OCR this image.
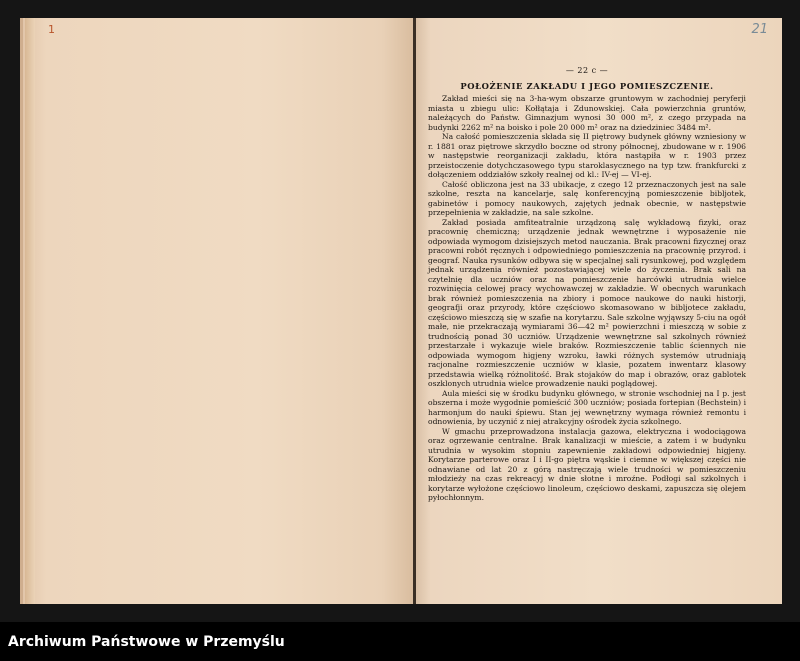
1	21
— 22 c —
POŁOŻENIE ZAKŁADU I JEGO POMIESZCZENIE.

Zakład mieści się na 3-ha-wym obszarze gruntowym w zachodniej peryferji miasta u zbiegu ulic: Kołłątaja i Zdunowskiej. Cała powierzchnia gruntów, należących do Państw. Gimnazjum wynosi 30 000 m², z czego przypada na budynki 2262 m² na boisko i pole 20 000 m² oraz na dziedziniec 3484 m².

Na całość pomieszczenia składa się II piętrowy budynek główny wzniesiony w r. 1881 oraz piętrowe skrzydło boczne od strony północnej, zbudowane w r. 1906 w następstwie reorganizacji zakładu, która nastąpiła w r. 1903 przez przeistoczenie dotychczasowego typu staroklasycznego na typ tzw. frankfurcki z dołączeniem oddziałów szkoły realnej od kl.: IV-ej — VI-ej.

Całość obliczona jest na 33 ubikacje, z czego 12 przeznaczonych jest na sale szkolne, reszta na kancelarje, salę konferencyjną pomieszczenie bibljotek, gabinetów i pomocy naukowych, zajętych jednak obecnie, w następstwie przepełnienia w zakładzie, na sale szkolne.

Zakład posiada amfiteatralnie urządzoną salę wykładową fizyki, oraz pracownię chemiczną; urządzenie jednak wewnętrzne i wyposażenie nie odpowiada wymogom dzisiejszych metod nauczania. Brak pracowni fizycznej oraz pracowni robót ręcznych i odpowiedniego pomieszczenia na pracownię przyrod. i geograf. Nauka rysunków odbywa się w specjalnej sali rysunkowej, pod względem jednak urządzenia również pozostawiającej wiele do życzenia. Brak sali na czytelnię dla uczniów oraz na pomieszczenie harcówki utrudnia wielce rozwinięcia celowej pracy wychowawczej w zakładzie. W obecnych warunkach brak również pomieszczenia na zbiory i pomoce naukowe do nauki historji, geografji oraz przyrody, które częściowo skomasowano w bibljotece zakładu, częściowo mieszczą się w szafie na korytarzu. Sale szkolne wyjąwszy 5-ciu na ogół małe, nie przekraczają wymiarami 36—42 m² powierzchni i mieszczą w sobie z trudnością ponad 30 uczniów. Urządzenie wewnętrzne sal szkolnych również przestarzałe i wykazuje wiele braków. Rozmieszczenie tablic ściennych nie odpowiada wymogom higjeny wzroku, ławki różnych systemów utrudniają racjonalne rozmieszczenie uczniów w klasie, pozatem inwentarz klasowy przedstawia wielką różnolitość. Brak stojaków do map i obrazów, oraz gablotek oszklonych utrudnia wielce prowadzenie nauki poglądowej.

Aula mieści się w środku budynku głównego, w stronie wschodniej na I p. jest obszerna i może wygodnie pomieścić 300 uczniów; posiada fortepian (Bechstein) i harmonjum do nauki śpiewu. Stan jej wewnętrzny wymaga również remontu i odnowienia, by uczynić z niej atrakcyjny ośrodek życia szkolnego.

W gmachu przeprowadzona instalacja gazowa, elektryczna i wodociągowa oraz ogrzewanie centralne. Brak kanalizacji w mieście, a zatem i w budynku utrudnia w wysokim stopniu zapewnienie zakładowi odpowiedniej higjeny. Korytarze parterowe oraz I i II-go piętra wąskie i ciemne w większej części nie odnawiane od lat 20 z górą nastręczają wiele trudności w pomieszczeniu młodzieży na czas rekreacyj w dnie słotne i mroźne. Podłogi sal szkolnych i korytarze wyłożone częściowo linoleum, częściowo deskami, zapuszcza się olejem pyłochłonnym.

Archiwum Państwowe w Przemyślu
